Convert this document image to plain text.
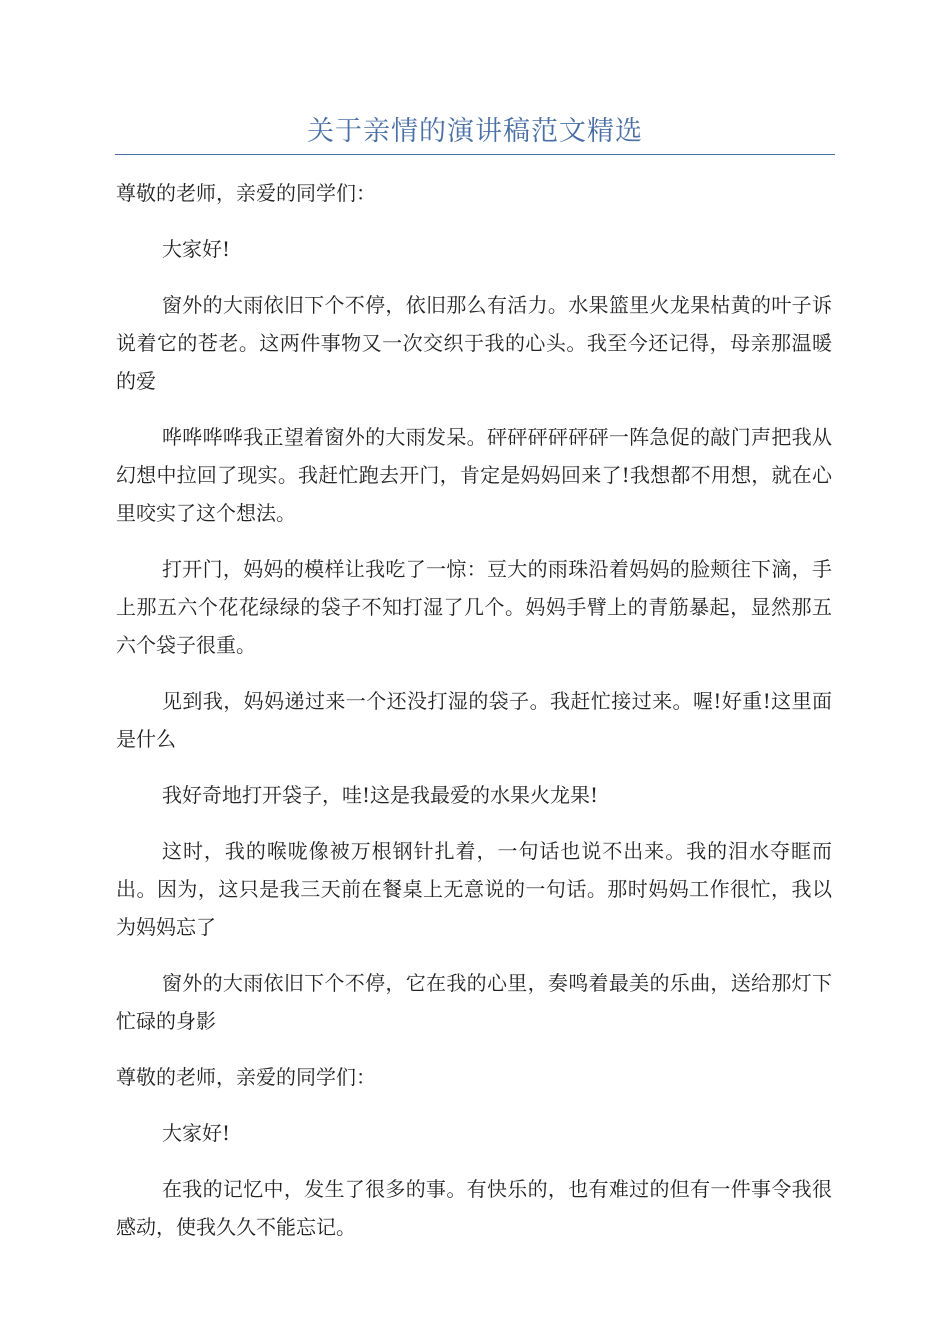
关于亲情的演讲稿范文精选

尊敬的老师，亲爱的同学们：

大家好!

窗外的大雨依旧下个不停，依旧那么有活力。水果篮里火龙果枯黄的叶子诉说着它的苍老。这两件事物又一次交织于我的心头。我至今还记得，母亲那温暖的爱

哗哗哗哗我正望着窗外的大雨发呆。砰砰砰砰砰砰一阵急促的敲门声把我从幻想中拉回了现实。我赶忙跑去开门，肯定是妈妈回来了!我想都不用想，就在心里咬实了这个想法。

打开门，妈妈的模样让我吃了一惊：豆大的雨珠沿着妈妈的脸颊往下滴，手上那五六个花花绿绿的袋子不知打湿了几个。妈妈手臂上的青筋暴起，显然那五六个袋子很重。

见到我，妈妈递过来一个还没打湿的袋子。我赶忙接过来。喔!好重!这里面是什么

我好奇地打开袋子，哇!这是我最爱的水果火龙果!

这时，我的喉咙像被万根钢针扎着，一句话也说不出来。我的泪水夺眶而出。因为，这只是我三天前在餐桌上无意说的一句话。那时妈妈工作很忙，我以为妈妈忘了

窗外的大雨依旧下个不停，它在我的心里，奏鸣着最美的乐曲，送给那灯下忙碌的身影

尊敬的老师，亲爱的同学们：

大家好!

在我的记忆中，发生了很多的事。有快乐的，也有难过的但有一件事令我很感动，使我久久不能忘记。
